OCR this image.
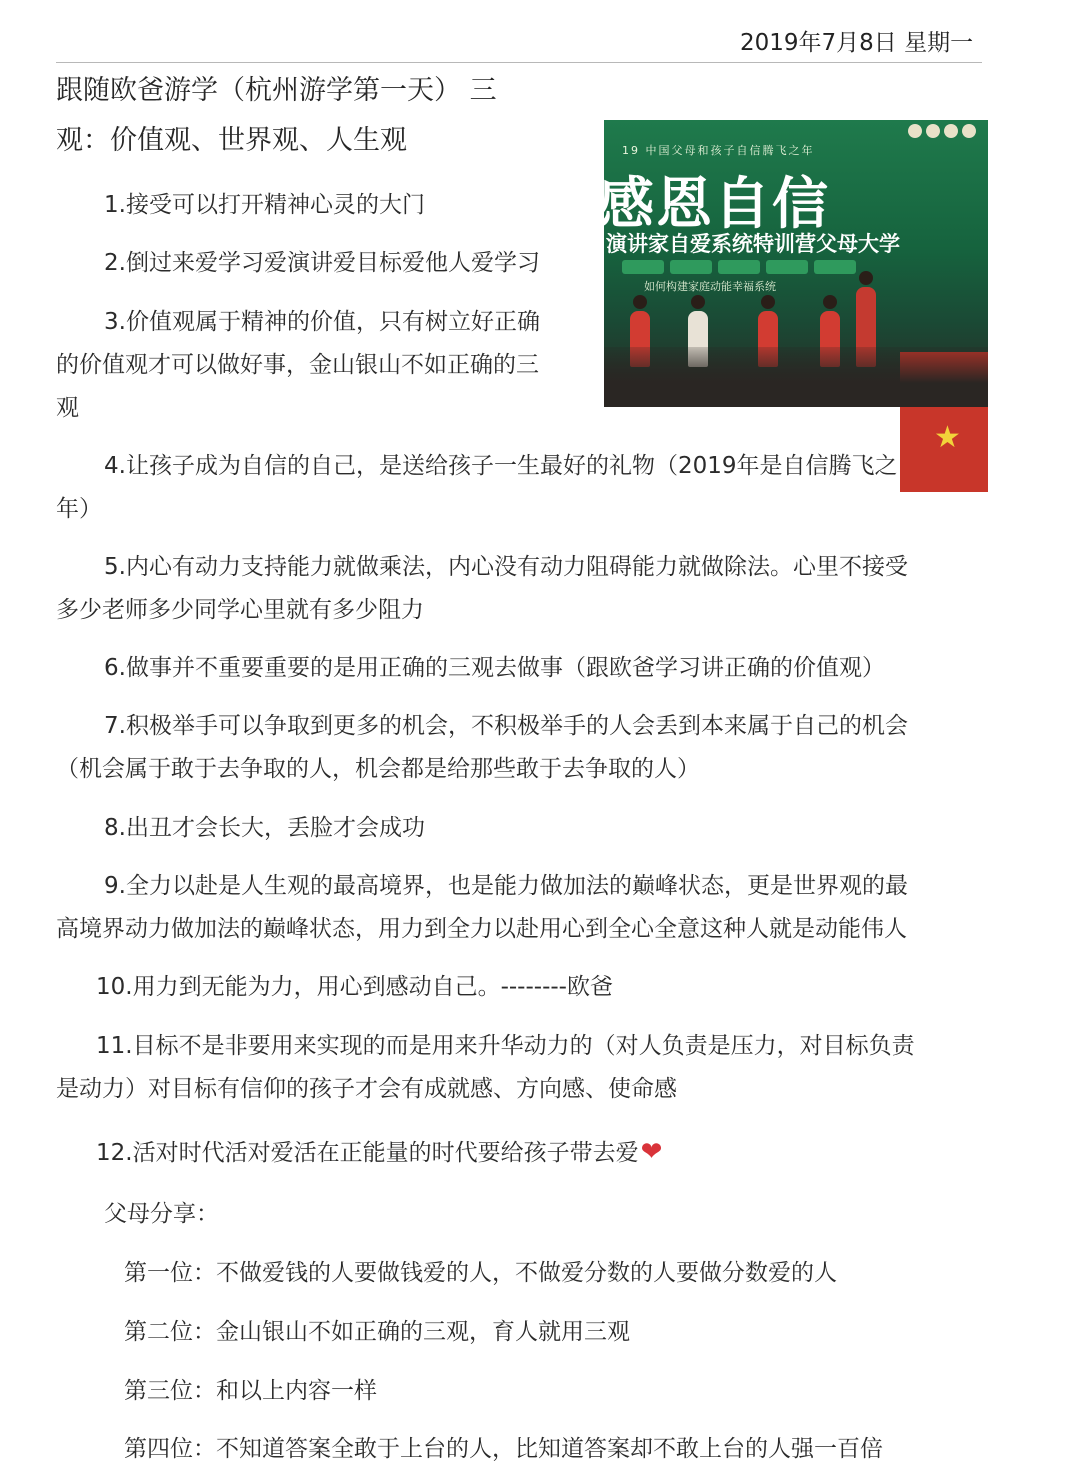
2019年7月8日 星期一
跟随欧爸游学（杭州游学第一天） 三
观：价值观、世界观、人生观	19 中国父母和孩子自信腾飞之年
感恩自信
演讲家自爱系统特训营父母大学
如何构建家庭动能幸福系统
★
1.接受可以打开精神心灵的大门
2.倒过来爱学习爱演讲爱目标爱他人爱学习
3.价值观属于精神的价值，只有树立好正确
的价值观才可以做好事，金山银山不如正确的三
观
4.让孩子成为自信的自己，是送给孩子一生最好的礼物（2019年是自信腾飞之
年）
5.内心有动力支持能力就做乘法，内心没有动力阻碍能力就做除法。心里不接受
多少老师多少同学心里就有多少阻力
6.做事并不重要重要的是用正确的三观去做事（跟欧爸学习讲正确的价值观）
7.积极举手可以争取到更多的机会，不积极举手的人会丢到本来属于自己的机会
（机会属于敢于去争取的人，机会都是给那些敢于去争取的人）
8.出丑才会长大，丢脸才会成功
9.全力以赴是人生观的最高境界，也是能力做加法的巅峰状态，更是世界观的最
高境界动力做加法的巅峰状态，用力到全力以赴用心到全心全意这种人就是动能伟人
10.用力到无能为力，用心到感动自己。--------欧爸
11.目标不是非要用来实现的而是用来升华动力的（对人负责是压力，对目标负责
是动力）对目标有信仰的孩子才会有成就感、方向感、使命感
12.活对时代活对爱活在正能量的时代要给孩子带去爱❤
父母分享：
第一位：不做爱钱的人要做钱爱的人，不做爱分数的人要做分数爱的人
第二位：金山银山不如正确的三观，育人就用三观
第三位：和以上内容一样
第四位：不知道答案全敢于上台的人，比知道答案却不敢上台的人强一百倍
